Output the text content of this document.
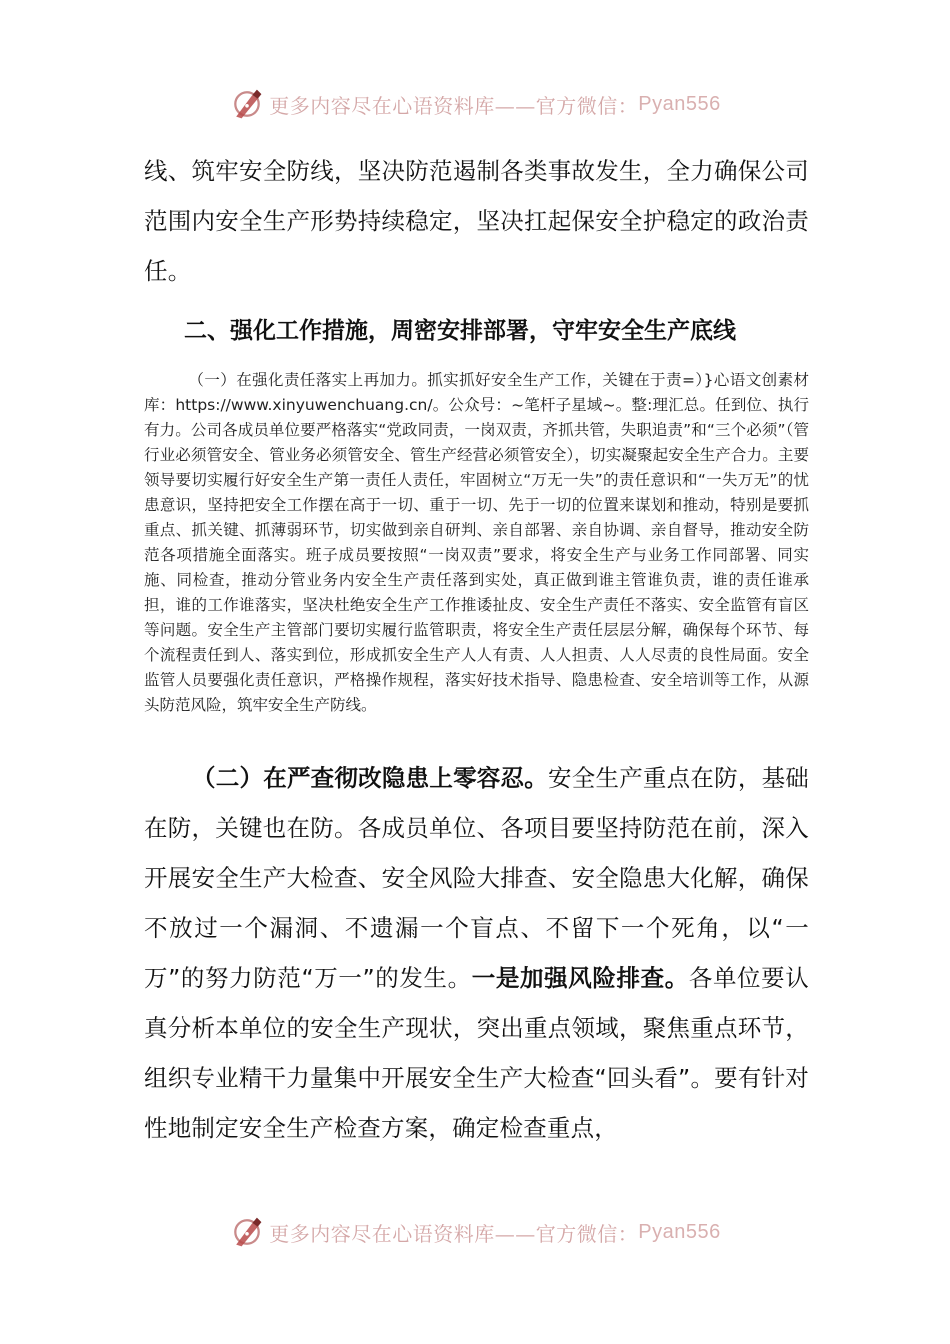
更多内容尽在心语资料库——官方微信： Pyan556

线、筑牢安全防线，坚决防范遏制各类事故发生，全力确保公司范围内安全生产形势持续稳定，坚决扛起保安全护稳定的政治责任。

二、强化工作措施，周密安排部署，守牢安全生产底线

（一）在强化责任落实上再加力。抓实抓好安全生产工作，关键在于责=）}心语文创素材库：https://www.xinyuwenchuang.cn/。公众号：~笔杆子星域~。整:理汇总。任到位、执行有力。公司各成员单位要严格落实“党政同责，一岗双责，齐抓共管，失职追责”和“三个必须”（管行业必须管安全、管业务必须管安全、管生产经营必须管安全），切实凝聚起安全生产合力。主要领导要切实履行好安全生产第一责任人责任，牢固树立“万无一失”的责任意识和“一失万无”的忧患意识，坚持把安全工作摆在高于一切、重于一切、先于一切的位置来谋划和推动，特别是要抓重点、抓关键、抓薄弱环节，切实做到亲自研判、亲自部署、亲自协调、亲自督导，推动安全防范各项措施全面落实。班子成员要按照“一岗双责”要求，将安全生产与业务工作同部署、同实施、同检查，推动分管业务内安全生产责任落到实处，真正做到谁主管谁负责，谁的责任谁承担，谁的工作谁落实，坚决杜绝安全生产工作推诿扯皮、安全生产责任不落实、安全监管有盲区等问题。安全生产主管部门要切实履行监管职责，将安全生产责任层层分解，确保每个环节、每个流程责任到人、落实到位，形成抓安全生产人人有责、人人担责、人人尽责的良性局面。安全监管人员要强化责任意识，严格操作规程，落实好技术指导、隐患检查、安全培训等工作，从源头防范风险，筑牢安全生产防线。

（二）在严查彻改隐患上零容忍。安全生产重点在防，基础在防，关键也在防。各成员单位、各项目要坚持防范在前，深入开展安全生产大检查、安全风险大排查、安全隐患大化解，确保不放过一个漏洞、不遗漏一个盲点、不留下一个死角，以“一万”的努力防范“万一”的发生。一是加强风险排查。各单位要认真分析本单位的安全生产现状，突出重点领域，聚焦重点环节，组织专业精干力量集中开展安全生产大检查“回头看”。要有针对性地制定安全生产检查方案，确定检查重点，

更多内容尽在心语资料库——官方微信： Pyan556
